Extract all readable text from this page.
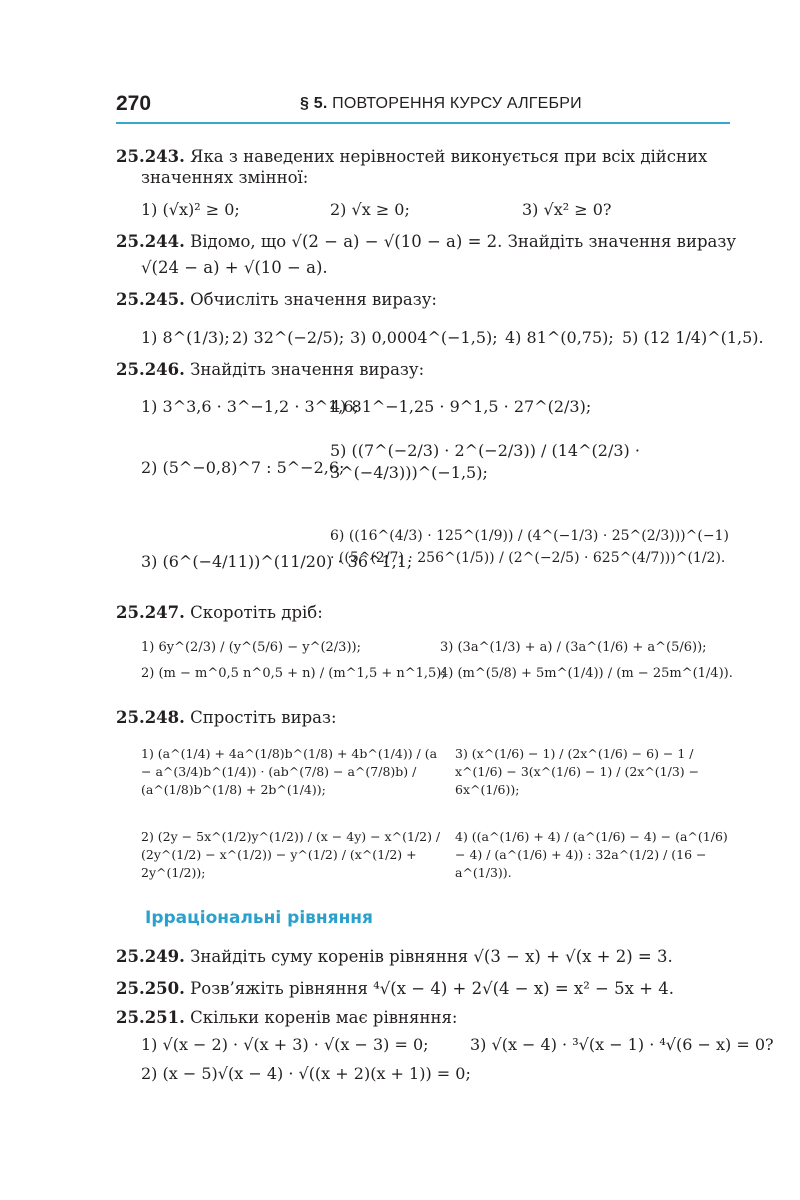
270	§ 5. ПОВТОРЕННЯ КУРСУ АЛГЕБРИ
25.243. Яка з наведених нерівностей виконується при всіх дійсних
значеннях змінної:
1) (√x)² ≥ 0;	2) √x ≥ 0;	3) √x² ≥ 0?
25.244. Відомо, що √(2 − a) − √(10 − a) = 2. Знайдіть значення виразу
√(24 − a) + √(10 − a).
25.245. Обчисліть значення виразу:
1) 8^(1/3); 2) 32^(−2/5); 3) 0,0004^(−1,5); 4) 81^(0,75); 5) (12 1/4)^(1,5).
25.246. Знайдіть значення виразу:
1) 3^3,6 · 3^−1,2 · 3^1,6;
4) 81^−1,25 · 9^1,5 · 27^(2/3);
2) (5^−0,8)^7 : 5^−2,6;
5) ((7^(−2/3) · 2^(−2/3)) / (14^(2/3) · 3^(−4/3)))^(−1,5);
3) (6^(−4/11))^(11/20) · 36^1,1;
6) ((16^(4/3) · 125^(1/9)) / (4^(−1/3) · 25^(2/3)))^(−1) · ((5^(2/7) · 256^(1/5)) / (2^(−2/5) · 625^(4/7)))^(1/2).
25.247. Скоротіть дріб:
1) 6y^(2/3) / (y^(5/6) − y^(2/3));
2) (m − m^0,5 n^0,5 + n) / (m^1,5 + n^1,5);
3) (3a^(1/3) + a) / (3a^(1/6) + a^(5/6));
4) (m^(5/8) + 5m^(1/4)) / (m − 25m^(1/4)).
25.248. Спростіть вираз:
1) (a^(1/4) + 4a^(1/8)b^(1/8) + 4b^(1/4)) / (a − a^(3/4)b^(1/4)) · (ab^(7/8) − a^(7/8)b) / (a^(1/8)b^(1/8) + 2b^(1/4));
3) (x^(1/6) − 1) / (2x^(1/6) − 6) − 1 / x^(1/6) − 3(x^(1/6) − 1) / (2x^(1/3) − 6x^(1/6));
2) (2y − 5x^(1/2)y^(1/2)) / (x − 4y) − x^(1/2) / (2y^(1/2) − x^(1/2)) − y^(1/2) / (x^(1/2) + 2y^(1/2));
4) ((a^(1/6) + 4) / (a^(1/6) − 4) − (a^(1/6) − 4) / (a^(1/6) + 4)) : 32a^(1/2) / (16 − a^(1/3)).
Ірраціональні рівняння
25.249. Знайдіть суму коренів рівняння √(3 − x) + √(x + 2) = 3.
25.250. Розв’яжіть рівняння ⁴√(x − 4) + 2√(4 − x) = x² − 5x + 4.
25.251. Скільки коренів має рівняння:
1) √(x − 2) · √(x + 3) · √(x − 3) = 0;	3) √(x − 4) · ³√(x − 1) · ⁴√(6 − x) = 0?
2) (x − 5)√(x − 4) · √((x + 2)(x + 1)) = 0;
